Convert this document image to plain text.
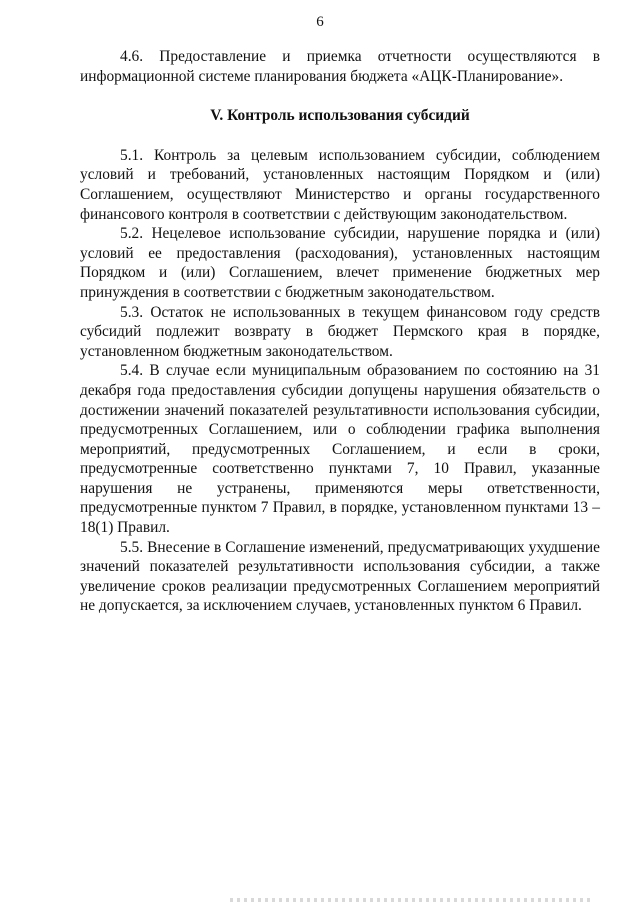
6

4.6. Предоставление и приемка отчетности осуществляются в информационной системе планирования бюджета «АЦК-Планирование».

V. Контроль использования субсидий

5.1. Контроль за целевым использованием субсидии, соблюдением условий и требований, установленных настоящим Порядком и (или) Соглашением, осуществляют Министерство и органы государственного финансового контроля в соответствии с действующим законодательством.

5.2. Нецелевое использование субсидии, нарушение порядка и (или) условий ее предоставления (расходования), установленных настоящим Порядком и (или) Соглашением, влечет применение бюджетных мер принуждения в соответствии с бюджетным законодательством.

5.3. Остаток не использованных в текущем финансовом году средств субсидий подлежит возврату в бюджет Пермского края в порядке, установленном бюджетным законодательством.

5.4. В случае если муниципальным образованием по состоянию на 31 декабря года предоставления субсидии допущены нарушения обязательств о достижении значений показателей результативности использования субсидии, предусмотренных Соглашением, или о соблюдении графика выполнения мероприятий, предусмотренных Соглашением, и если в сроки, предусмотренные соответственно пунктами 7, 10 Правил, указанные нарушения не устранены, применяются меры ответственности, предусмотренные пунктом 7 Правил, в порядке, установленном пунктами 13 – 18(1) Правил.

5.5. Внесение в Соглашение изменений, предусматривающих ухудшение значений показателей результативности использования субсидии, а также увеличение сроков реализации предусмотренных Соглашением мероприятий не допускается, за исключением случаев, установленных пунктом 6 Правил.
